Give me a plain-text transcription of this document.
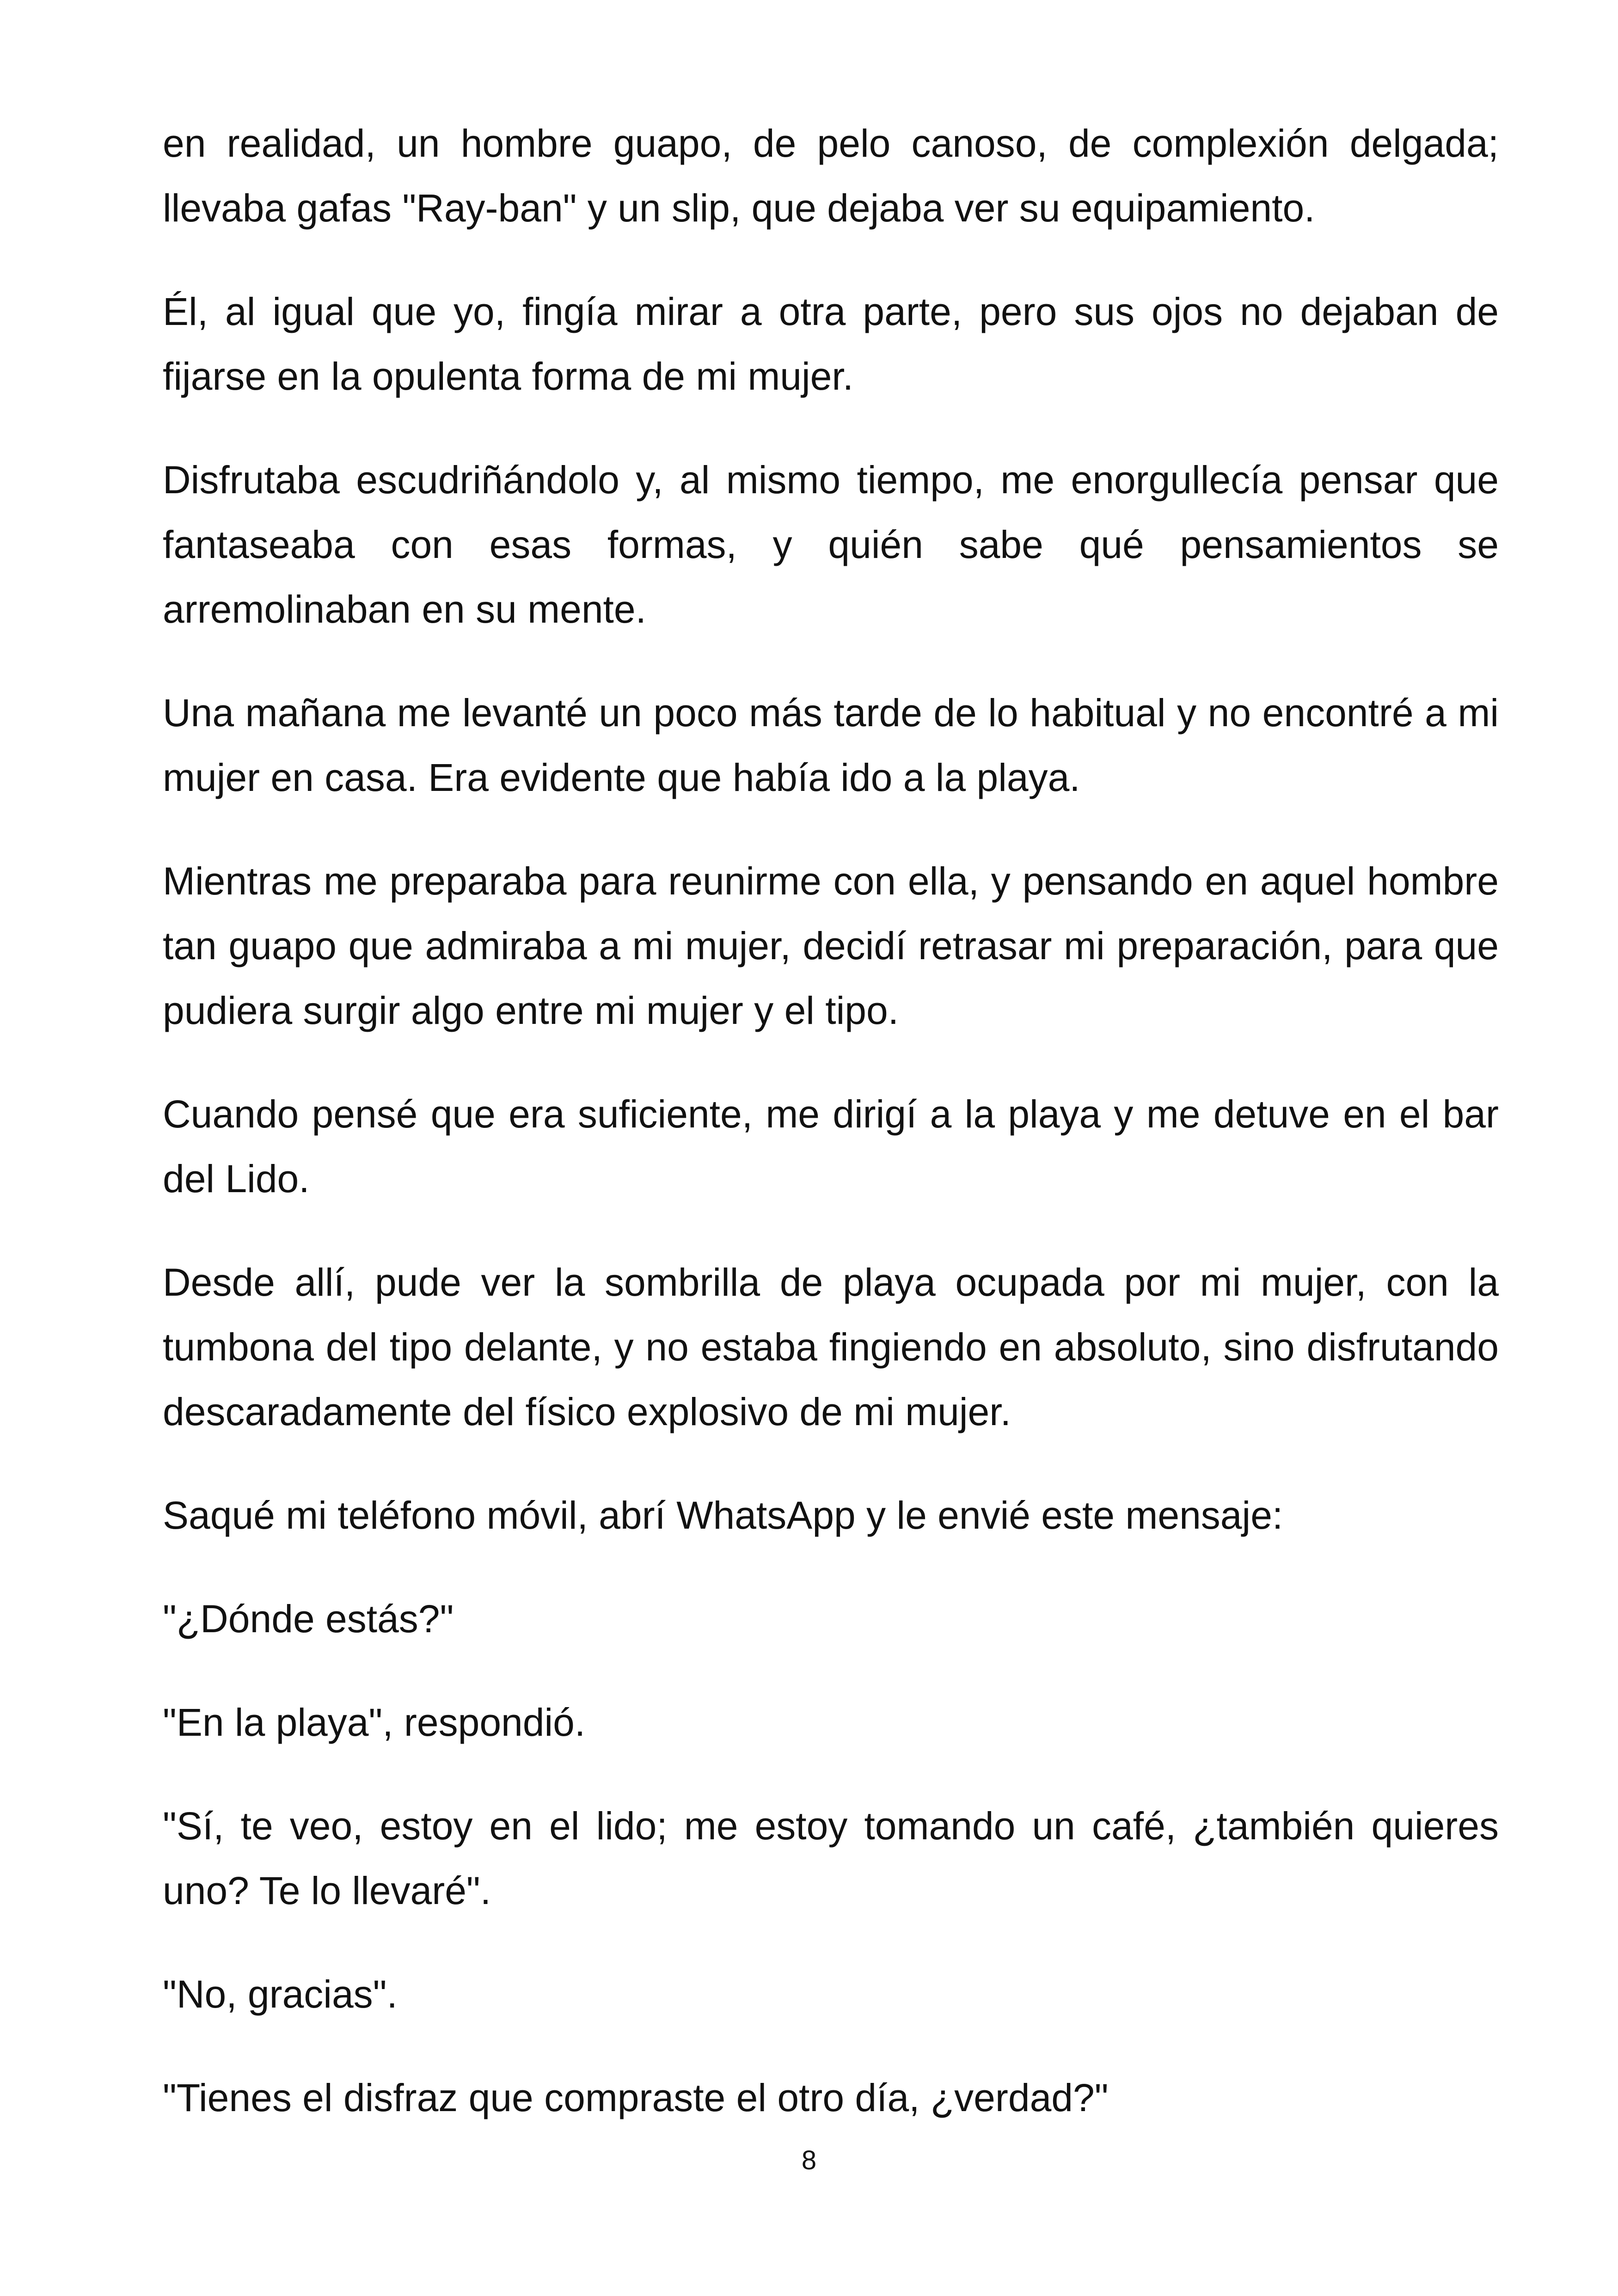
en realidad, un hombre guapo, de pelo canoso, de complexión delgada; llevaba gafas "Ray-ban" y un slip, que dejaba ver su equipamiento.

Él, al igual que yo, fingía mirar a otra parte, pero sus ojos no dejaban de fijarse en la opulenta forma de mi mujer.

Disfrutaba escudriñándolo y, al mismo tiempo, me enorgullecía pensar que fantaseaba con esas formas, y quién sabe qué pensamientos se arremolinaban en su mente.

Una mañana me levanté un poco más tarde de lo habitual y no encontré a mi mujer en casa. Era evidente que había ido a la playa.

Mientras me preparaba para reunirme con ella, y pensando en aquel hombre tan guapo que admiraba a mi mujer, decidí retrasar mi preparación, para que pudiera surgir algo entre mi mujer y el tipo.

Cuando pensé que era suficiente, me dirigí a la playa y me detuve en el bar del Lido.

Desde allí, pude ver la sombrilla de playa ocupada por mi mujer, con la tumbona del tipo delante, y no estaba fingiendo en absoluto, sino disfrutando descaradamente del físico explosivo de mi mujer.

Saqué mi teléfono móvil, abrí WhatsApp y le envié este mensaje:

"¿Dónde estás?"

"En la playa", respondió.

"Sí, te veo, estoy en el lido; me estoy tomando un café, ¿también quieres uno? Te lo llevaré".

"No, gracias".

"Tienes el disfraz que compraste el otro día, ¿verdad?"

8
